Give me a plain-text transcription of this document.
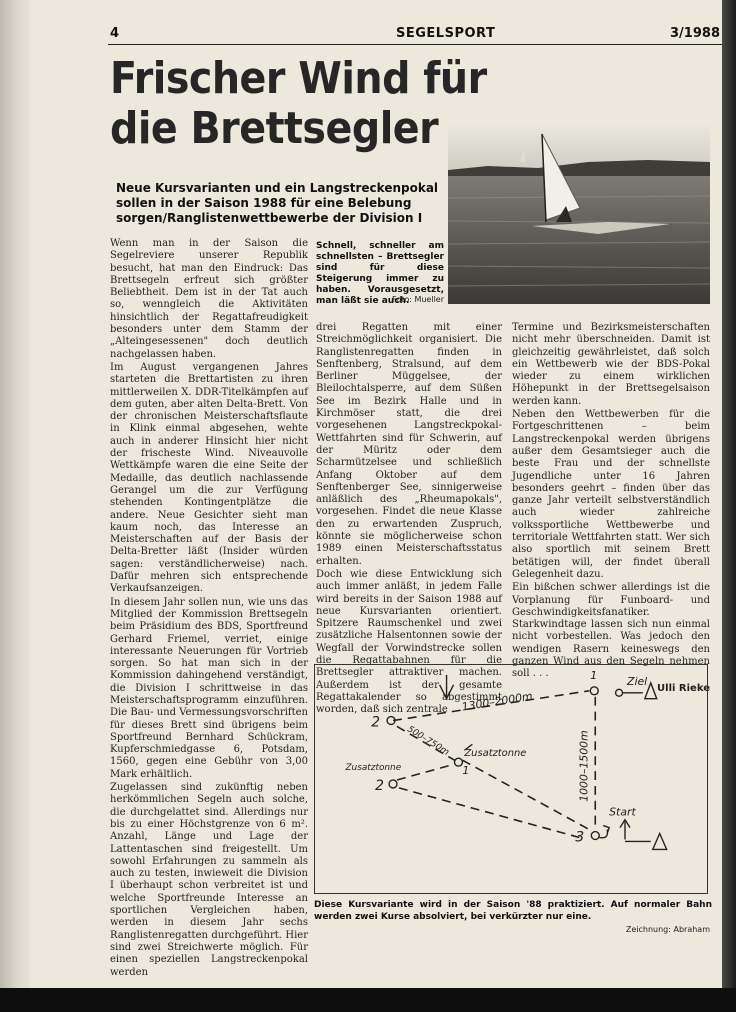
4	SEGELSPORT	3/1988
Frischer Wind für
die Brettsegler

Neue Kursvarianten und ein Langstreckenpokal sollen in der Saison 1988 für eine Belebung sorgen/Ranglistenwettbewerbe der Division I

Schnell, schneller am schnellsten – Brettsegler sind für diese Steigerung immer zu haben. Vorausgesetzt, man läßt sie auch.
Foto: Mueller

Wenn man in der Saison die Segelreviere unserer Republik besucht, hat man den Eindruck: Das Brettsegeln erfreut sich größter Beliebtheit. Dem ist in der Tat auch so, wenngleich die Aktivitäten hinsichtlich der Regattafreudigkeit besonders unter dem Stamm der „Alteingesessenen" doch deutlich nachgelassen haben.

Im August vergangenen Jahres starteten die Brettartisten zu ihren mittlerweilen X. DDR-Titelkämpfen auf dem guten, aber alten Delta-Brett. Von der chronischen Meisterschaftsflaute in Klink einmal abgesehen, wehte auch in anderer Hinsicht hier nicht der frischeste Wind. Niveauvolle Wettkämpfe waren die eine Seite der Medaille, das deutlich nachlassende Gerangel um die zur Verfügung stehenden Kontingentplätze die andere. Neue Gesichter sieht man kaum noch, das Interesse an Meisterschaften auf der Basis der Delta-Bretter läßt (Insider würden sagen: verständlicherweise) nach. Dafür mehren sich entsprechende Verkaufsanzeigen.

In diesem Jahr sollen nun, wie uns das Mitglied der Kommission Brettsegeln beim Präsidium des BDS, Sportfreund Gerhard Friemel, verriet, einige interessante Neuerungen für Vortrieb sorgen. So hat man sich in der Kommission dahingehend verständigt, die Division I schrittweise in das Meisterschaftsprogramm einzuführen. Die Bau- und Vermessungsvorschriften für dieses Brett sind übrigens beim Sportfreund Bernhard Schückram, Kupferschmiedgasse 6, Potsdam, 1560, gegen eine Gebühr von 3,00 Mark erhältlich.

Zugelassen sind zukünftig neben herkömmlichen Segeln auch solche, die durchgelattet sind. Allerdings nur bis zu einer Höchstgrenze von 6 m². Anzahl, Länge und Lage der Lattentaschen sind freigestellt. Um sowohl Erfahrungen zu sammeln als auch zu testen, inwieweit die Division I überhaupt schon verbreitet ist und welche Sportfreunde Interesse an sportlichen Vergleichen haben, werden in diesem Jahr sechs Ranglistenregatten durchgeführt. Hier sind zwei Streichwerte möglich. Für einen speziellen Langstreckenpokal werden

drei Regatten mit einer Streichmöglichkeit organisiert. Die Ranglistenregatten finden in Senftenberg, Stralsund, auf dem Berliner Müggelsee, der Bleilochtalsperre, auf dem Süßen See im Bezirk Halle und in Kirchmöser statt, die drei vorgesehenen Langstreckpokal-Wettfahrten sind für Schwerin, auf der Müritz oder dem Scharmützelsee und schließlich Anfang Oktober auf dem Senftenberger See, sinnigerweise anläßlich des „Rheumapokals", vorgesehen. Findet die neue Klasse den zu erwartenden Zuspruch, könnte sie möglicherweise schon 1989 einen Meisterschaftsstatus erhalten.

Doch wie diese Entwicklung sich auch immer anläßt, in jedem Falle wird bereits in der Saison 1988 auf neue Kursvarianten orientiert. Spitzere Raumschenkel und zwei zusätzliche Halsentonnen sowie der Wegfall der Vorwindstrecke sollen die Regattabahnen für die Brettsegler attraktiver machen. Außerdem ist der gesamte Regattakalender so abgestimmt worden, daß sich zentrale

Termine und Bezirksmeisterschaften nicht mehr überschneiden. Damit ist gleichzeitig gewährleistet, daß solch ein Wettbewerb wie der BDS-Pokal wieder zu einem wirklichen Höhepunkt in der Brettsegelsaison werden kann.

Neben den Wettbewerben für die Fortgeschrittenen – beim Langstreckenpokal werden übrigens außer dem Gesamtsieger auch die beste Frau und der schnellste Jugendliche unter 16 Jahren besonders geehrt – finden über das ganze Jahr verteilt selbstverständlich auch wieder zahlreiche volkssportliche Wettbewerbe und territoriale Wettfahrten statt. Wer sich also sportlich mit seinem Brett betätigen will, der findet überall Gelegenheit dazu.

Ein bißchen schwer allerdings ist die Vorplanung für Funboard- und Geschwindigkeitsfanatiker. Starkwindtage lassen sich nun einmal nicht vorbestellen. Was jedoch den wendigen Rasern keineswegs den ganzen Wind aus den Segeln nehmen soll . . .

Ulli Rieke
1	Ziel
1300–2000m
2
500–750m Zusatztonne
1
Zusatztonne
2	1000–1500m
Start
3

Diese Kursvariante wird in der Saison '88 praktiziert. Auf normaler Bahn werden zwei Kurse absolviert, bei verkürzter nur eine.

Zeichnung: Abraham
